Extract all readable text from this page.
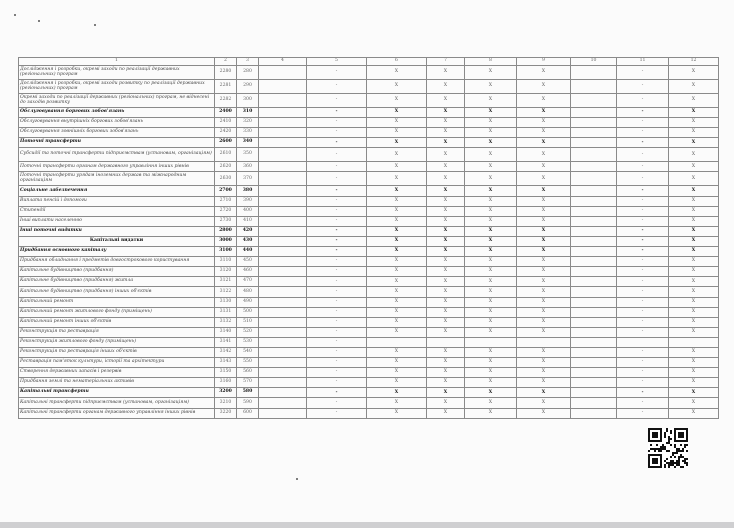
1	2	3	4	5	6	7	8	9	10	11	12
Дослідження і розробки, окремі заходи по реалізації державних (регіональних) програм	2280	280		-	X	X	X	X		-	X
Дослідження і розробки, окремі заходи розвитку по реалізації державних (регіональних) програм	2281	290		-	X	X	X	X		-	X
Окремі заходи по реалізації державних (регіональних) програм, не віднесені до заходів розвитку	2282	300		-	X	X	X	X		-	X
Обслуговування боргових зобов'язань	2400	310		-	X	X	X	X		-	X
Обслуговування внутрішніх боргових зобов'язань	2410	320		-	X	X	X	X		-	X
Обслуговування зовнішніх боргових зобов'язань	2420	330		-	X	X	X	X		-	X
Поточні трансферти	2600	340		-	X	X	X	X		-	X
Субсидії та поточні трансферти підприємствам (установам, організаціям)	2610	350		-	X	X	X	X		-	X
Поточні трансферти органам державного управління інших рівнів	2620	360		-	X	X	X	X		-	X
Поточні трансферти урядам іноземних держав та міжнародним організаціям	2630	370		-	X	X	X	X		-	X
Соціальне забезпечення	2700	380		-	X	X	X	X		-	X
Виплата пенсій і допомоги	2710	390		-	X	X	X	X		-	X
Стипендії	2720	400		-	X	X	X	X		-	X
Інші виплати населенню	2730	410		-	X	X	X	X		-	X
Інші поточні видатки	2800	420		-	X	X	X	X		-	X
Капітальні видатки	3000	430		-	X	X	X	X		-	X
Придбання основного капіталу	3100	440		-	X	X	X	X		-	X
Придбання обладнання і предметів довгострокового користування	3110	450		-	X	X	X	X		-	X
Капітальне будівництво (придбання)	3120	460		-	X	X	X	X		-	X
Капітальне будівництво (придбання) житла	3121	470		-	X	X	X	X		-	X
Капітальне будівництво (придбання) інших об'єктів	3122	480		-	X	X	X	X		-	X
Капітальний ремонт	3130	490		-	X	X	X	X		-	X
Капітальний ремонт житлового фонду (приміщень)	3131	500		-	X	X	X	X		-	X
Капітальний ремонт інших об'єктів	3132	510		-	X	X	X	X		-	X
Реконструкція та реставрація	3140	520		-	X	X	X	X		-	X
Реконструкція житлового фонду (приміщень)	3141	530		-							
Реконструкція та реставрація інших об'єктів	3142	540		-	X	X	X	X		-	X
Реставрація пам'яток культури, історії та архітектури	3143	550		-	X	X	X	X		-	X
Створення державних запасів і резервів	3150	560		-	X	X	X	X		-	X
Придбання землі та нематеріальних активів	3160	570		-	X	X	X	X		-	X
Капітальні трансферти	3200	580		-	X	X	X	X		-	X
Капітальні трансферти підприємствам (установам, організаціям)	3210	590		-	X	X	X	X		-	X
Капітальні трансферти органам державного управління інших рівнів	3220	600		-	X	X	X	X		-	X
